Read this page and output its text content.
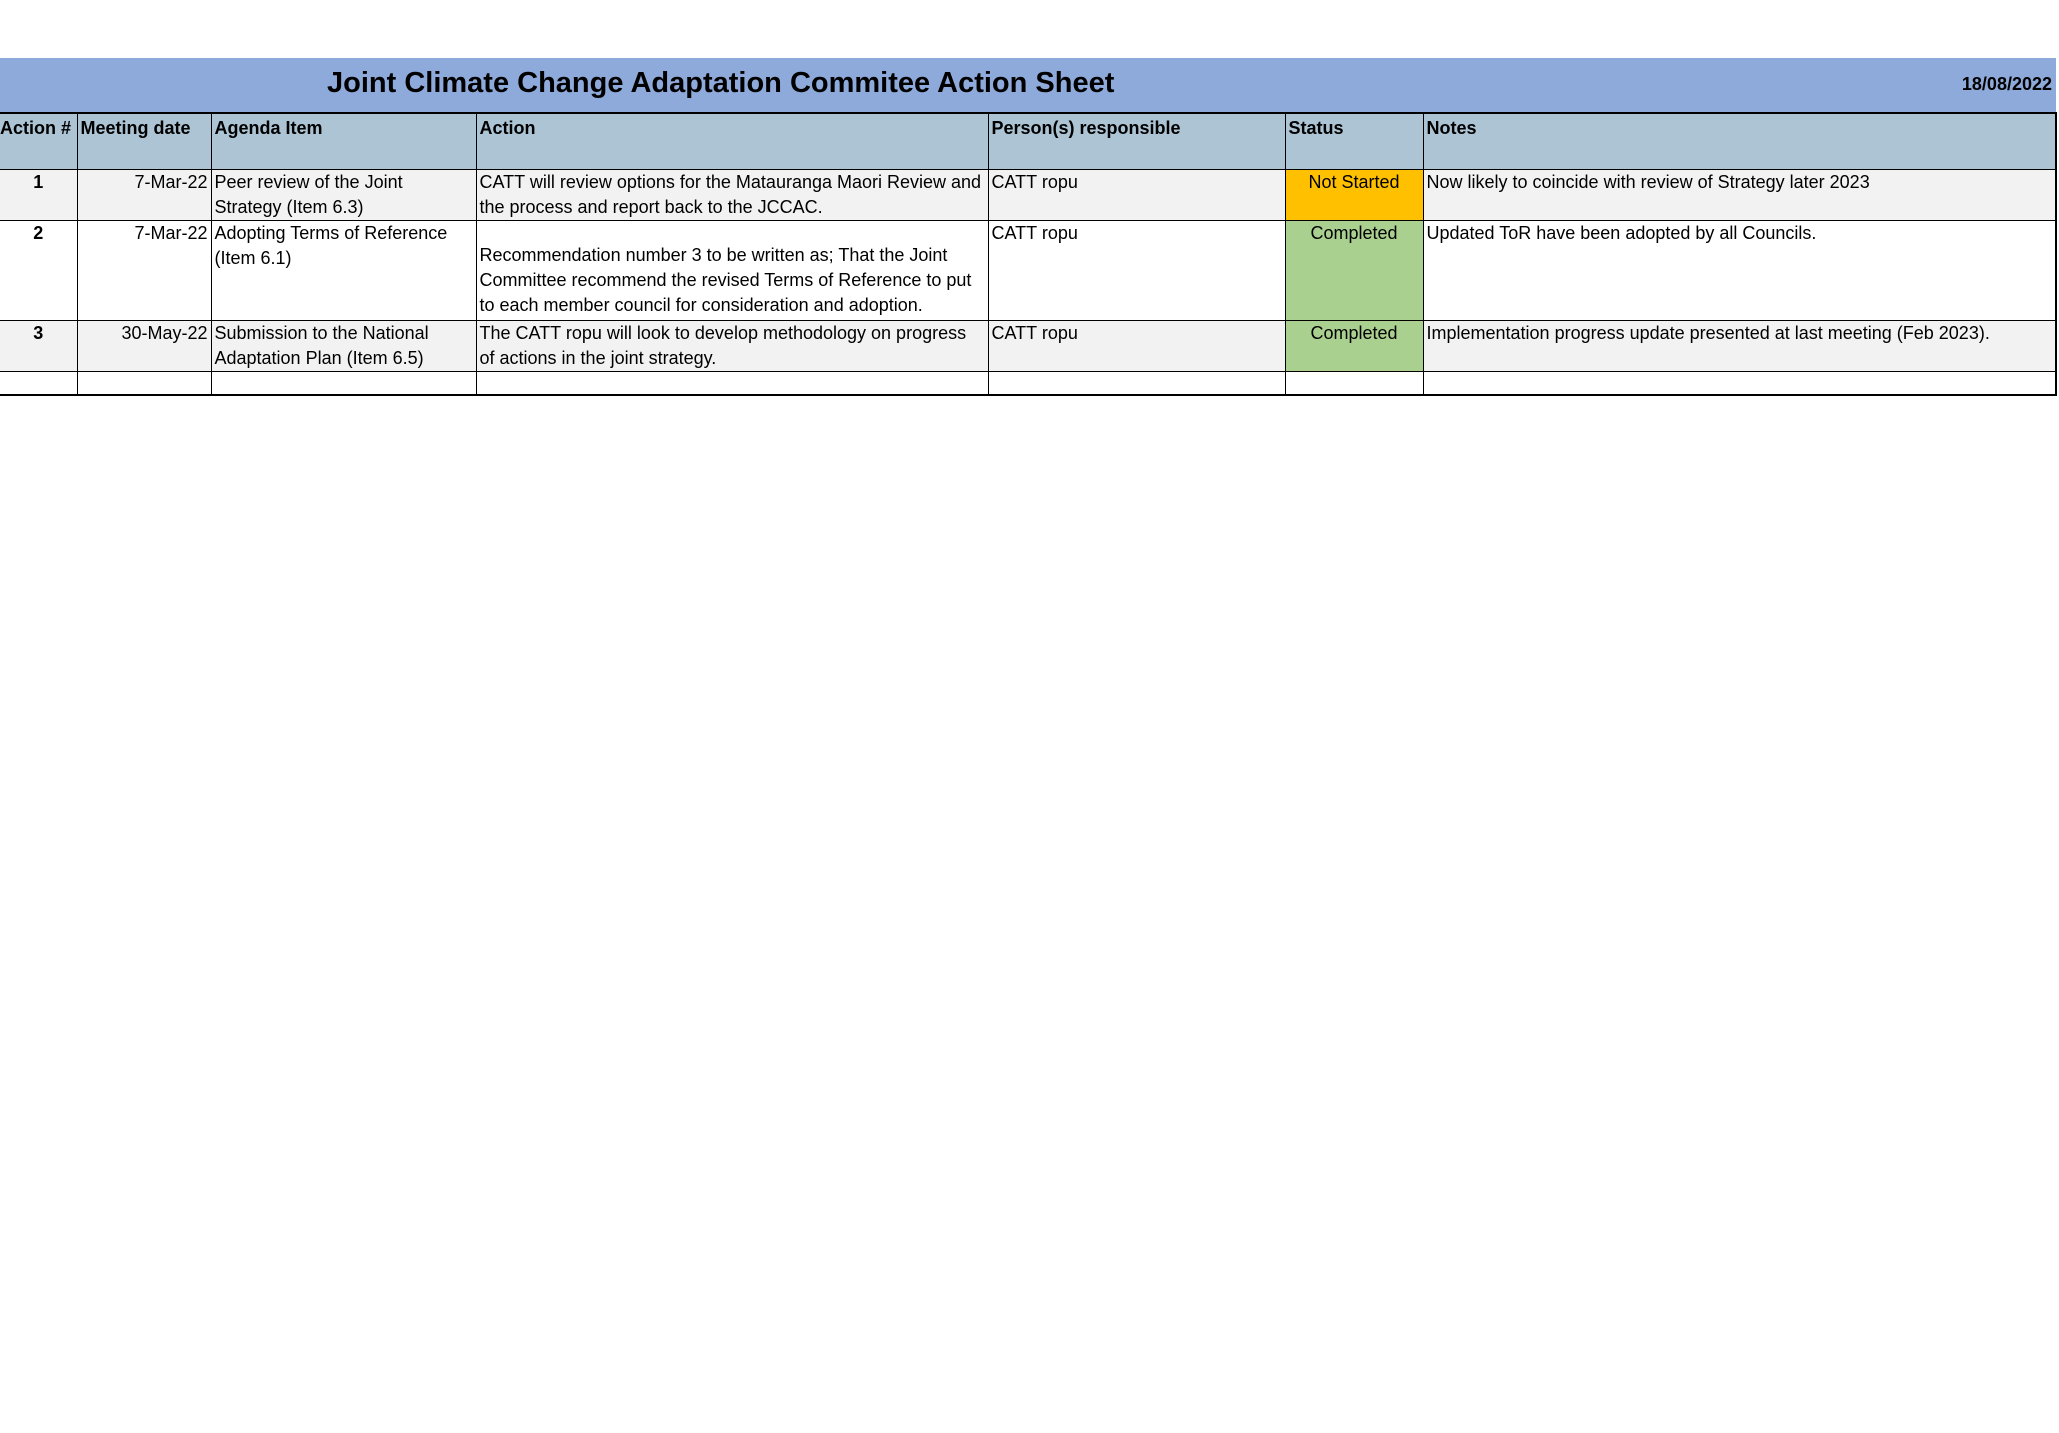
Joint Climate Change Adaptation Commitee Action Sheet	18/08/2022
Action #	Meeting date	Agenda Item	Action	Person(s) responsible	Status	Notes
1	7-Mar-22	Peer review of the Joint Strategy (Item 6.3)	CATT will review options for the Matauranga Maori Review and the process and report back to the JCCAC.	CATT ropu	Not Started	Now likely to coincide with review of Strategy later 2023
2	7-Mar-22	Adopting Terms of Reference (Item 6.1)	Recommendation number 3 to be written as; That the Joint Committee recommend the revised Terms of Reference to put to each member council for consideration and adoption.	CATT ropu	Completed	Updated ToR have been adopted by all Councils.
3	30-May-22	Submission to the National Adaptation Plan (Item 6.5)	The CATT ropu will look to develop methodology on progress of actions in the joint strategy.	CATT ropu	Completed	Implementation progress update presented at last meeting (Feb 2023).
